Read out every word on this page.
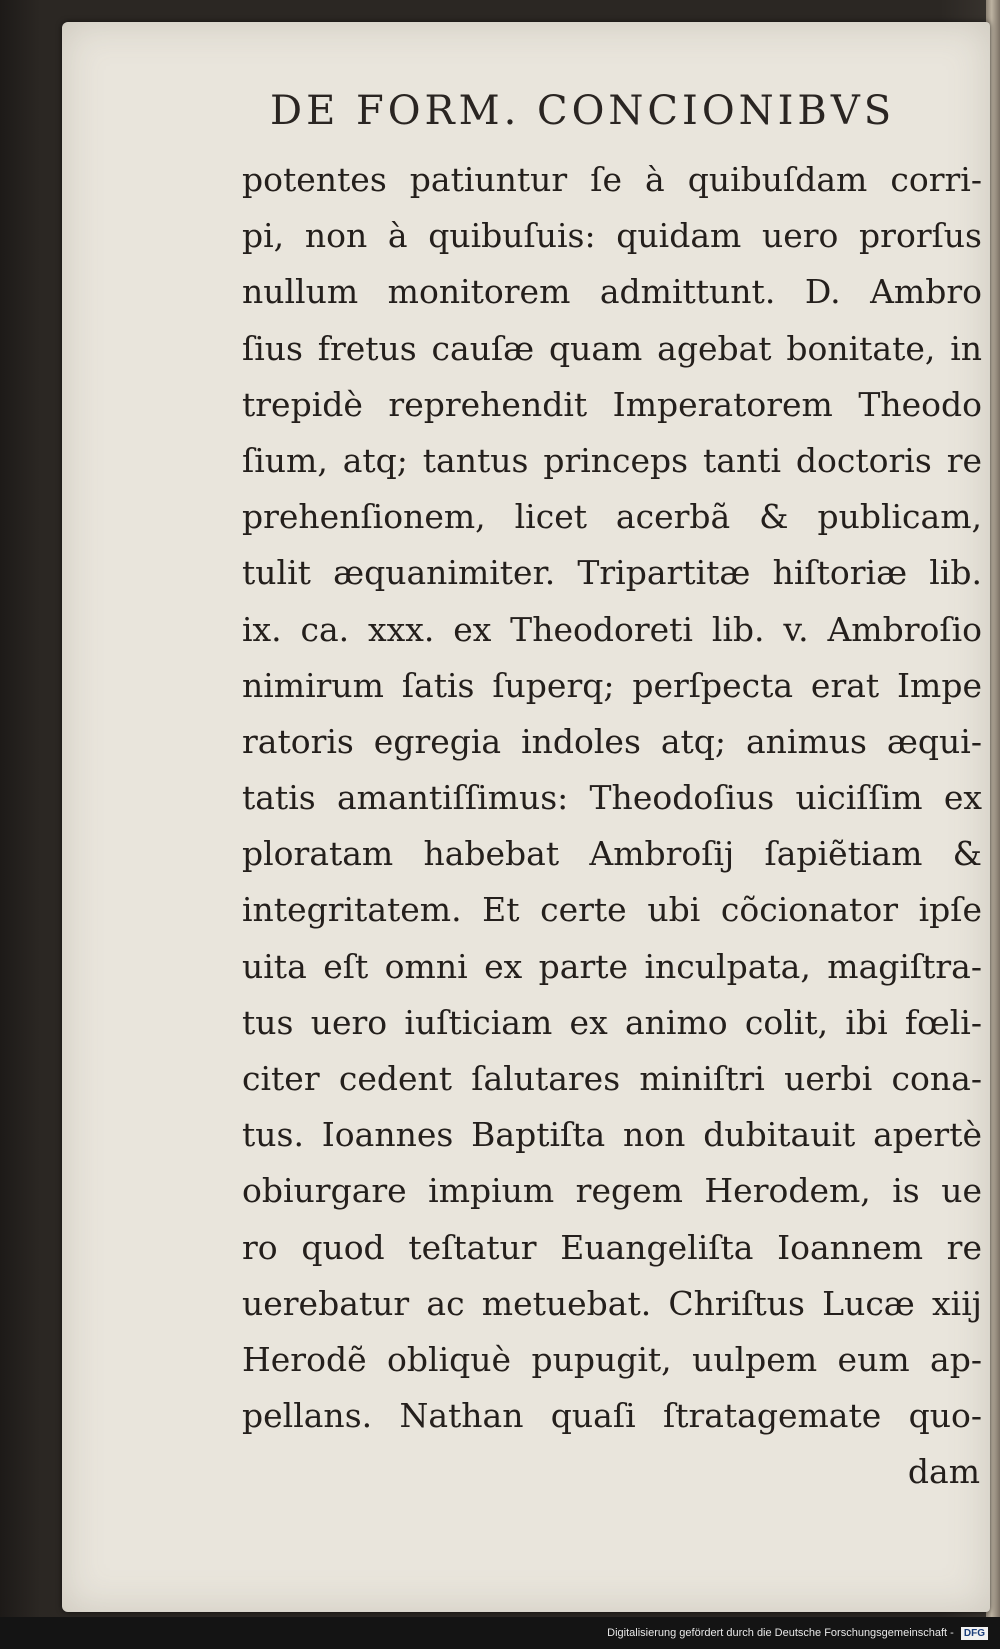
DE FORM. CONCIONIBVS
potentes patiuntur ſe à quibuſdam corri-
pi, non à quibuſuis: quidam uero prorſus
nullum monitorem admittunt. D. Ambro
ſius fretus cauſæ quam agebat bonitate, in
trepidè reprehendit Imperatorem Theodo
ſium, atq; tantus princeps tanti doctoris re
prehenſionem, licet acerbã & publicam,
tulit æquanimiter. Tripartitæ hiſtoriæ lib.
ix. ca. xxx. ex Theodoreti lib. v. Ambroſio
nimirum ſatis ſuperq; perſpecta erat Impe
ratoris egregia indoles atq; animus æqui-
tatis amantiſſimus: Theodoſius uiciſſim ex
ploratam habebat Ambroſij ſapiẽtiam &
integritatem. Et certe ubi cõcionator ipſe
uita eſt omni ex parte inculpata, magiſtra-
tus uero iuſticiam ex animo colit, ibi fœli-
citer cedent ſalutares miniſtri uerbi cona-
tus. Ioannes Baptiſta non dubitauit apertè
obiurgare impium regem Herodem, is ue
ro quod teſtatur Euangeliſta Ioannem re
uerebatur ac metuebat. Chriſtus Lucæ xiij
Herodẽ obliquè pupugit, uulpem eum ap-
pellans. Nathan quaſi ſtratagemate quo-
dam
Digitalisierung gefördert durch die Deutsche Forschungsgemeinschaft - DFG
